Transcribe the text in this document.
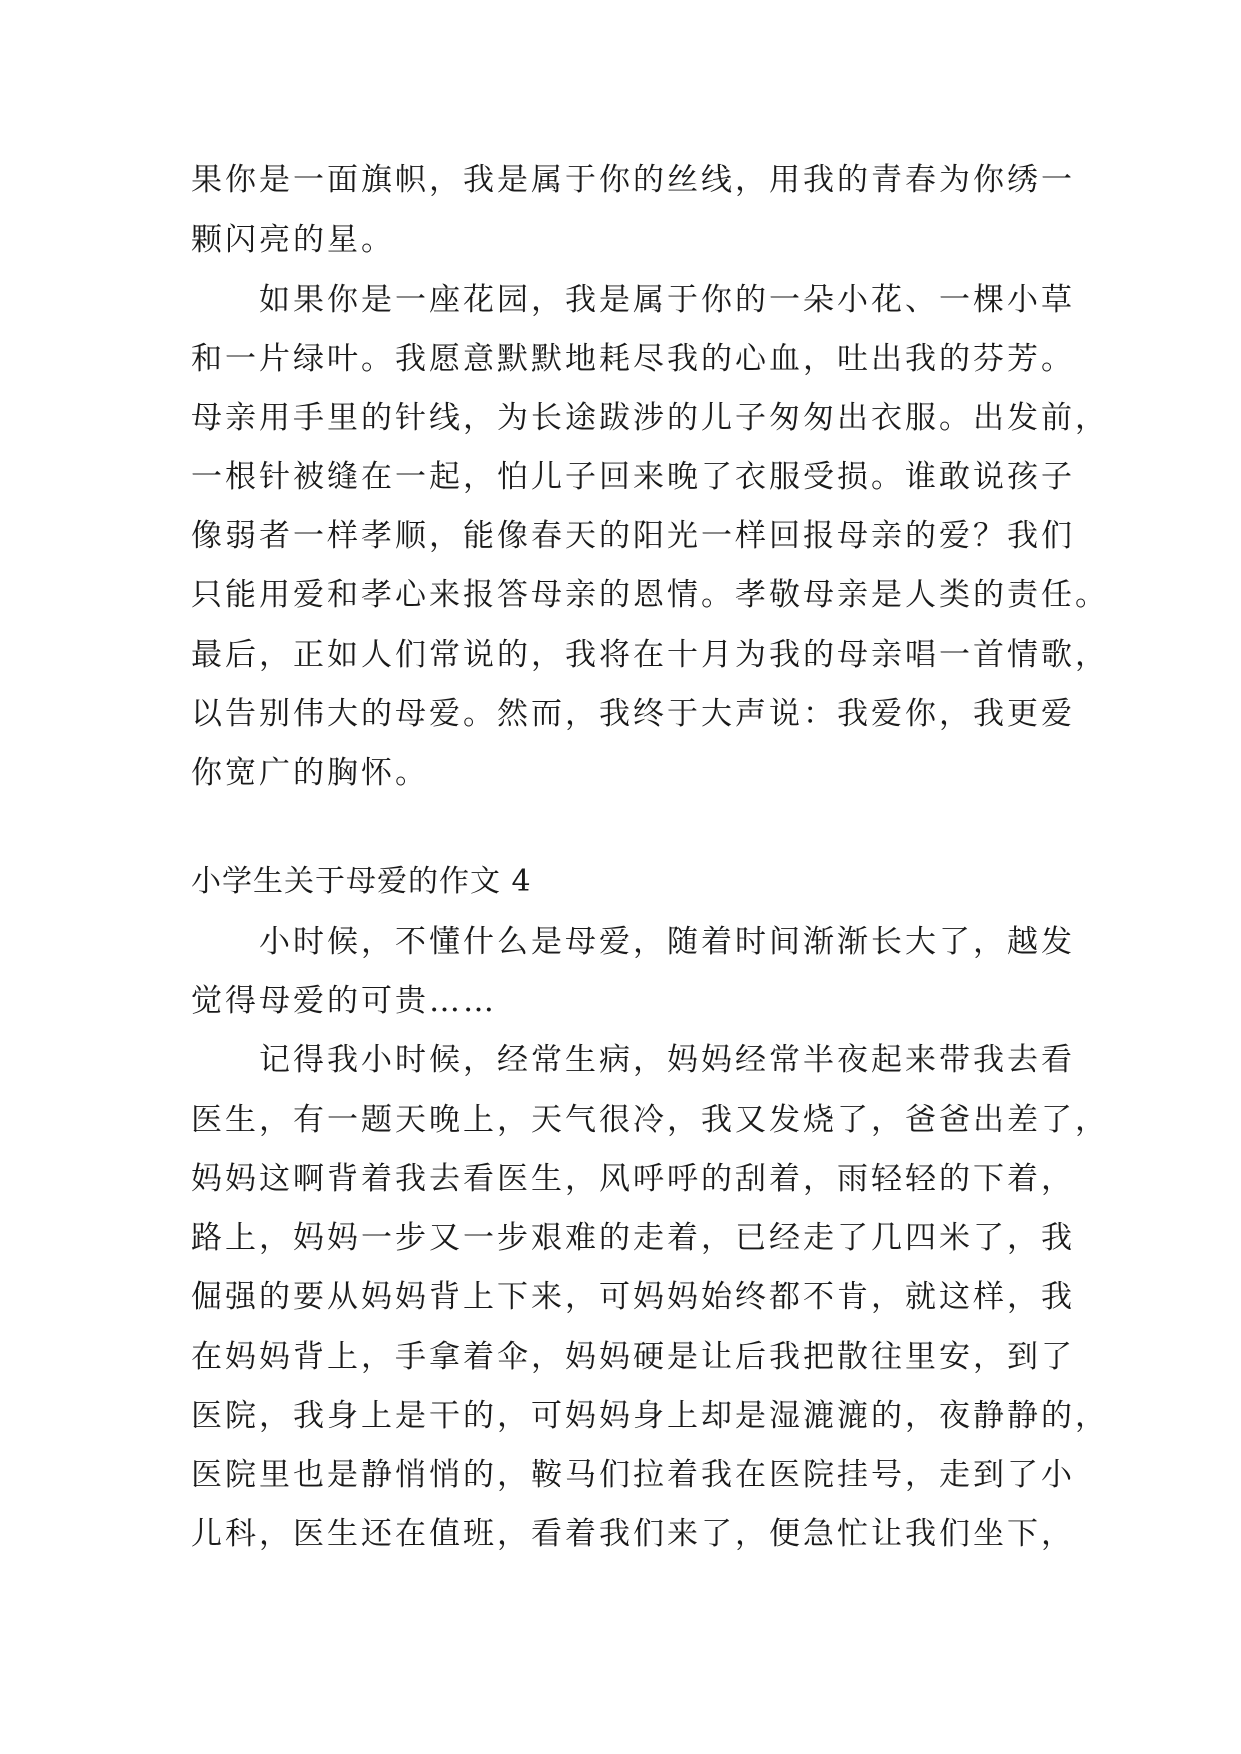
果你是一面旗帜，我是属于你的丝线，用我的青春为你绣一

颗闪亮的星。

　　如果你是一座花园，我是属于你的一朵小花、一棵小草

和一片绿叶。我愿意默默地耗尽我的心血，吐出我的芬芳。

母亲用手里的针线，为长途跋涉的儿子匆匆出衣服。出发前，

一根针被缝在一起，怕儿子回来晚了衣服受损。谁敢说孩子

像弱者一样孝顺，能像春天的阳光一样回报母亲的爱？我们

只能用爱和孝心来报答母亲的恩情。孝敬母亲是人类的责任。

最后，正如人们常说的，我将在十月为我的母亲唱一首情歌，

以告别伟大的母爱。然而，我终于大声说：我爱你，我更爱

你宽广的胸怀。

小学生关于母爱的作文 4

　　小时候，不懂什么是母爱，随着时间渐渐长大了，越发

觉得母爱的可贵……

　　记得我小时候，经常生病，妈妈经常半夜起来带我去看

医生，有一题天晚上，天气很冷，我又发烧了，爸爸出差了，

妈妈这啊背着我去看医生，风呼呼的刮着，雨轻轻的下着，

路上，妈妈一步又一步艰难的走着，已经走了几四米了，我

倔强的要从妈妈背上下来，可妈妈始终都不肯，就这样，我

在妈妈背上，手拿着伞，妈妈硬是让后我把散往里安，到了

医院，我身上是干的，可妈妈身上却是湿漉漉的，夜静静的，

医院里也是静悄悄的，鞍马们拉着我在医院挂号，走到了小

儿科，医生还在值班，看着我们来了，便急忙让我们坐下，
